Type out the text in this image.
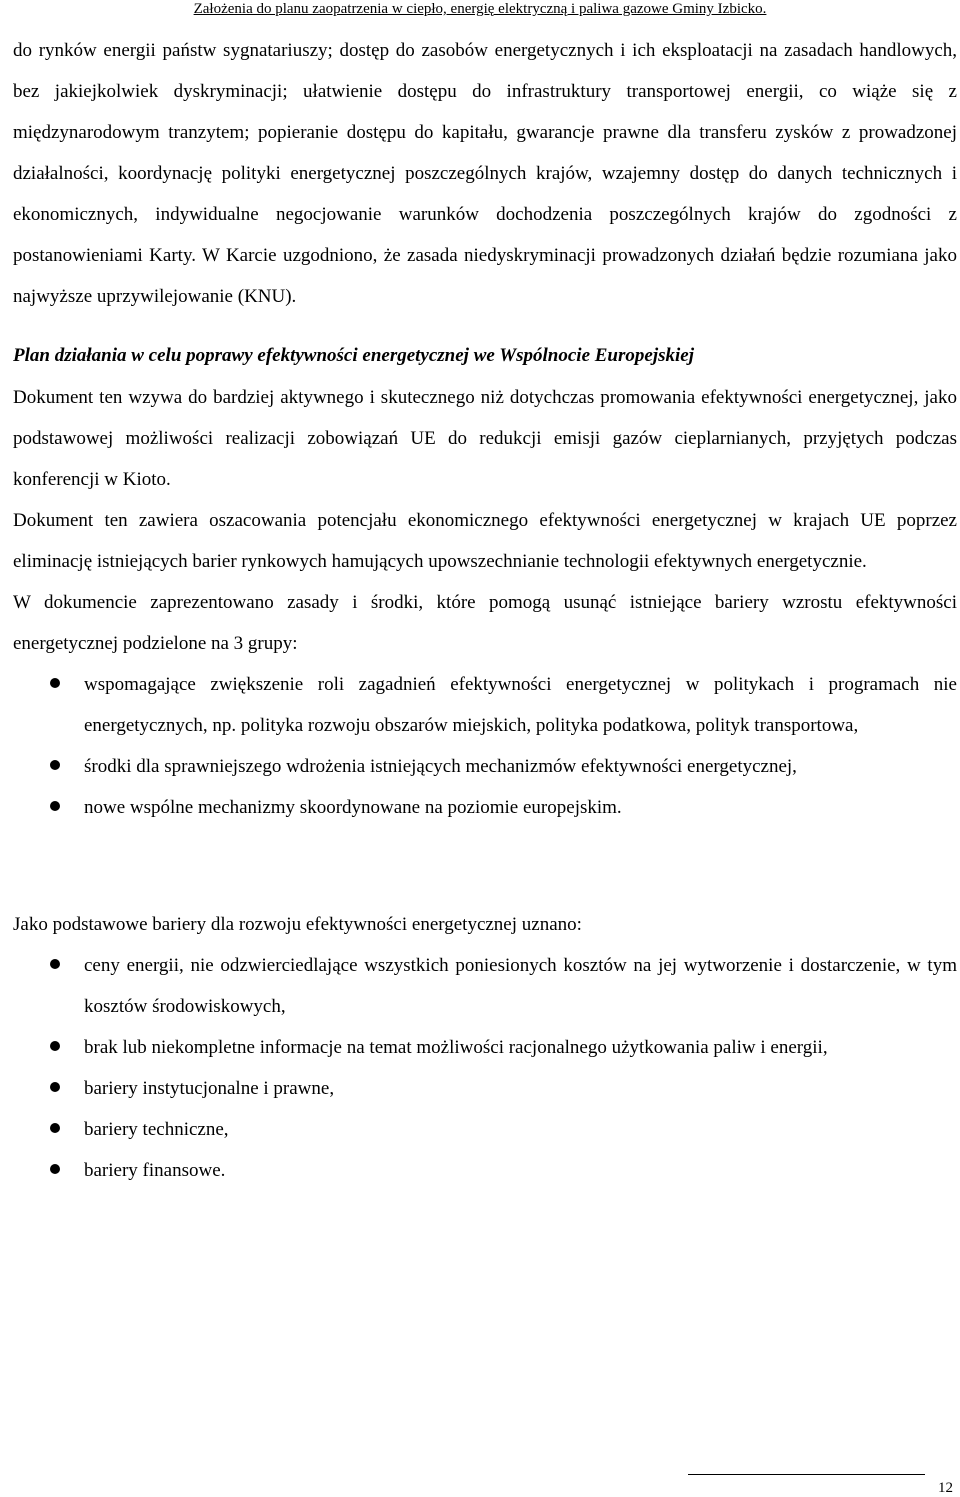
Założenia do planu zaopatrzenia w ciepło, energię elektryczną i paliwa gazowe Gminy Izbicko.

do rynków energii państw sygnatariuszy; dostęp do zasobów energetycznych i ich eksploatacji na zasadach handlowych, bez jakiejkolwiek dyskryminacji; ułatwienie dostępu do infrastruktury transportowej energii, co wiąże się z międzynarodowym tranzytem; popieranie dostępu do kapitału, gwarancje prawne dla transferu zysków z prowadzonej działalności, koordynację polityki energetycznej poszczególnych krajów, wzajemny dostęp do danych technicznych i ekonomicznych, indywidualne negocjowanie warunków dochodzenia poszczególnych krajów do zgodności z postanowieniami Karty. W Karcie uzgodniono, że zasada niedyskryminacji prowadzonych działań będzie rozumiana jako najwyższe uprzywilejowanie (KNU).

Plan działania w celu poprawy efektywności energetycznej we Wspólnocie Europejskiej

Dokument ten wzywa do bardziej aktywnego i skutecznego niż dotychczas promowania efektywności energetycznej, jako podstawowej możliwości realizacji zobowiązań UE do redukcji emisji gazów cieplarnianych, przyjętych podczas konferencji w Kioto.

Dokument ten zawiera oszacowania potencjału ekonomicznego efektywności energetycznej w krajach UE poprzez eliminację istniejących barier rynkowych hamujących upowszechnianie technologii efektywnych energetycznie.

W dokumencie zaprezentowano zasady i środki, które pomogą usunąć istniejące bariery wzrostu efektywności energetycznej podzielone na 3 grupy:

wspomagające zwiększenie roli zagadnień efektywności energetycznej w politykach i programach nie energetycznych, np. polityka rozwoju obszarów miejskich, polityka podatkowa, polityk transportowa,
środki dla sprawniejszego wdrożenia istniejących mechanizmów efektywności energetycznej,
nowe wspólne mechanizmy skoordynowane na poziomie europejskim.

Jako podstawowe bariery dla rozwoju efektywności energetycznej uznano:

ceny energii, nie odzwierciedlające wszystkich poniesionych kosztów na jej wytworzenie i dostarczenie, w tym kosztów środowiskowych,
brak lub niekompletne informacje na temat możliwości racjonalnego użytkowania paliw i energii,
bariery instytucjonalne i prawne,
bariery techniczne,
bariery finansowe.
12
